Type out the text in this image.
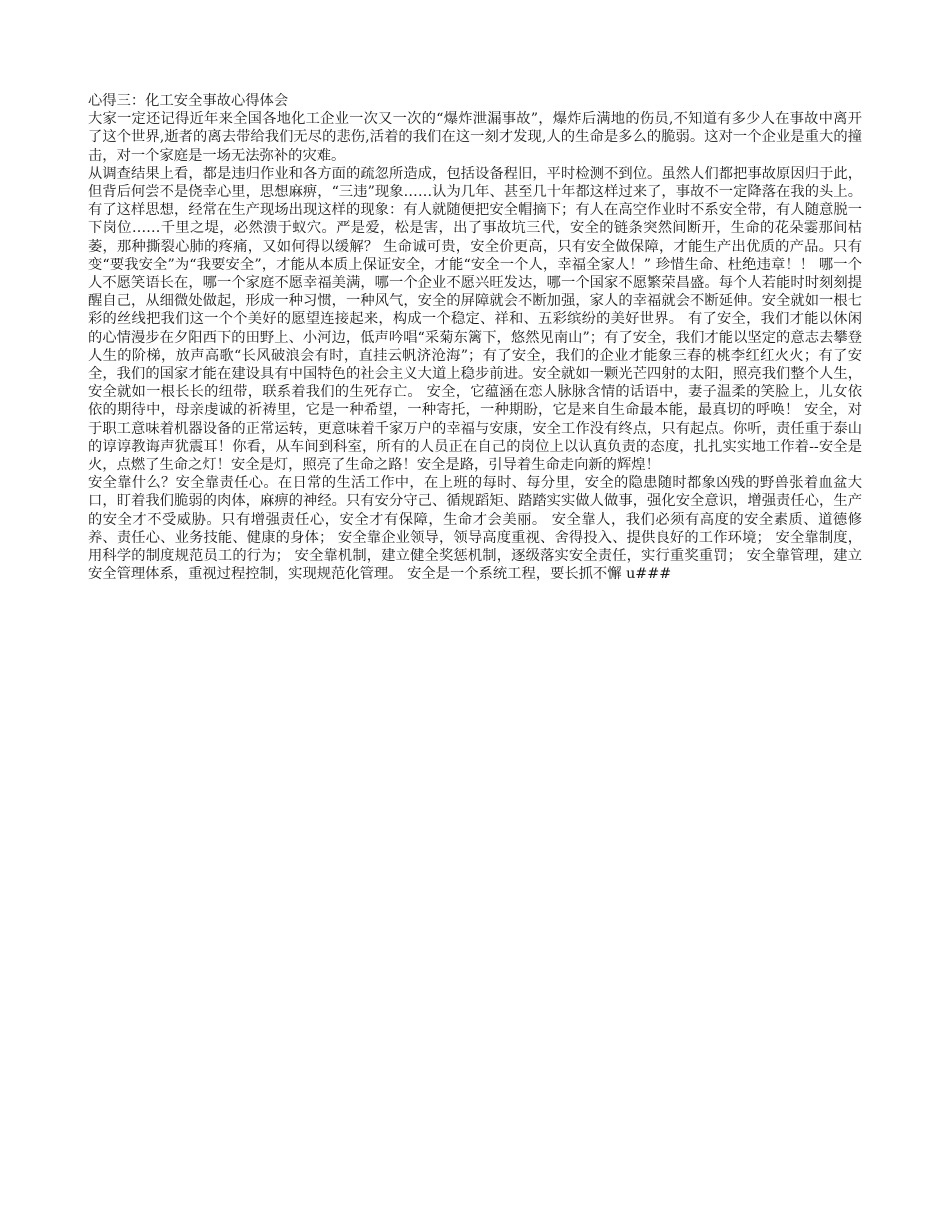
心得三：化工安全事故心得体会

大家一定还记得近年来全国各地化工企业一次又一次的“爆炸泄漏事故”，爆炸后满地的伤员,不知道有多少人在事故中离开了这个世界,逝者的离去带给我们无尽的悲伤,活着的我们在这一刻才发现,人的生命是多么的脆弱。这对一个企业是重大的撞击，对一个家庭是一场无法弥补的灾难。

从调查结果上看，都是违归作业和各方面的疏忽所造成，包括设备程旧，平时检测不到位。虽然人们都把事故原因归于此，但背后何尝不是侥幸心里，思想麻痹，“三违”现象……认为几年、甚至几十年都这样过来了，事故不一定降落在我的头上。有了这样思想，经常在生产现场出现这样的现象：有人就随便把安全帽摘下；有人在高空作业时不系安全带，有人随意脱一下岗位……千里之堤，必然溃于蚁穴。严是爱，松是害，出了事故坑三代，安全的链条突然间断开，生命的花朵霎那间枯萎，那种撕裂心肺的疼痛，又如何得以缓解？ 生命诚可贵，安全价更高，只有安全做保障，才能生产出优质的产品。只有变“要我安全”为“我要安全”，才能从本质上保证安全，才能“安全一个人，幸福全家人！” 珍惜生命、杜绝违章！！ 哪一个人不愿笑语长在，哪一个家庭不愿幸福美满，哪一个企业不愿兴旺发达，哪一个国家不愿繁荣昌盛。每个人若能时时刻刻提醒自己，从细微处做起，形成一种习惯，一种风气，安全的屏障就会不断加强，家人的幸福就会不断延伸。安全就如一根七彩的丝线把我们这一个个美好的愿望连接起来，构成一个稳定、祥和、五彩缤纷的美好世界。 有了安全，我们才能以休闲的心情漫步在夕阳西下的田野上、小河边，低声吟唱“采菊东篱下，悠然见南山”；有了安全，我们才能以坚定的意志去攀登人生的阶梯，放声高歌“长风破浪会有时，直挂云帆济沧海”；有了安全，我们的企业才能象三春的桃李红红火火；有了安全，我们的国家才能在建设具有中国特色的社会主义大道上稳步前进。安全就如一颗光芒四射的太阳，照亮我们整个人生，安全就如一根长长的纽带，联系着我们的生死存亡。 安全，它蕴涵在恋人脉脉含情的话语中，妻子温柔的笑脸上，儿女依依的期待中，母亲虔诚的祈祷里，它是一种希望，一种寄托，一种期盼，它是来自生命最本能，最真切的呼唤！ 安全，对于职工意味着机器设备的正常运转，更意味着千家万户的幸福与安康，安全工作没有终点，只有起点。你听，责任重于泰山的谆谆教诲声犹震耳！你看，从车间到科室，所有的人员正在自己的岗位上以认真负责的态度，扎扎实实地工作着--安全是火，点燃了生命之灯！安全是灯，照亮了生命之路！安全是路，引导着生命走向新的辉煌！

安全靠什么？安全靠责任心。在日常的生活工作中，在上班的每时、每分里，安全的隐患随时都象凶残的野兽张着血盆大口，盯着我们脆弱的肉体，麻痹的神经。只有安分守己、循规蹈矩、踏踏实实做人做事，强化安全意识，增强责任心，生产的安全才不受威胁。只有增强责任心，安全才有保障，生命才会美丽。 安全靠人，我们必须有高度的安全素质、道德修养、责任心、业务技能、健康的身体； 安全靠企业领导，领导高度重视、舍得投入、提供良好的工作环境； 安全靠制度，用科学的制度规范员工的行为； 安全靠机制，建立健全奖惩机制，逐级落实安全责任，实行重奖重罚； 安全靠管理，建立安全管理体系，重视过程控制，实现规范化管理。 安全是一个系统工程，要长抓不懈 u###
